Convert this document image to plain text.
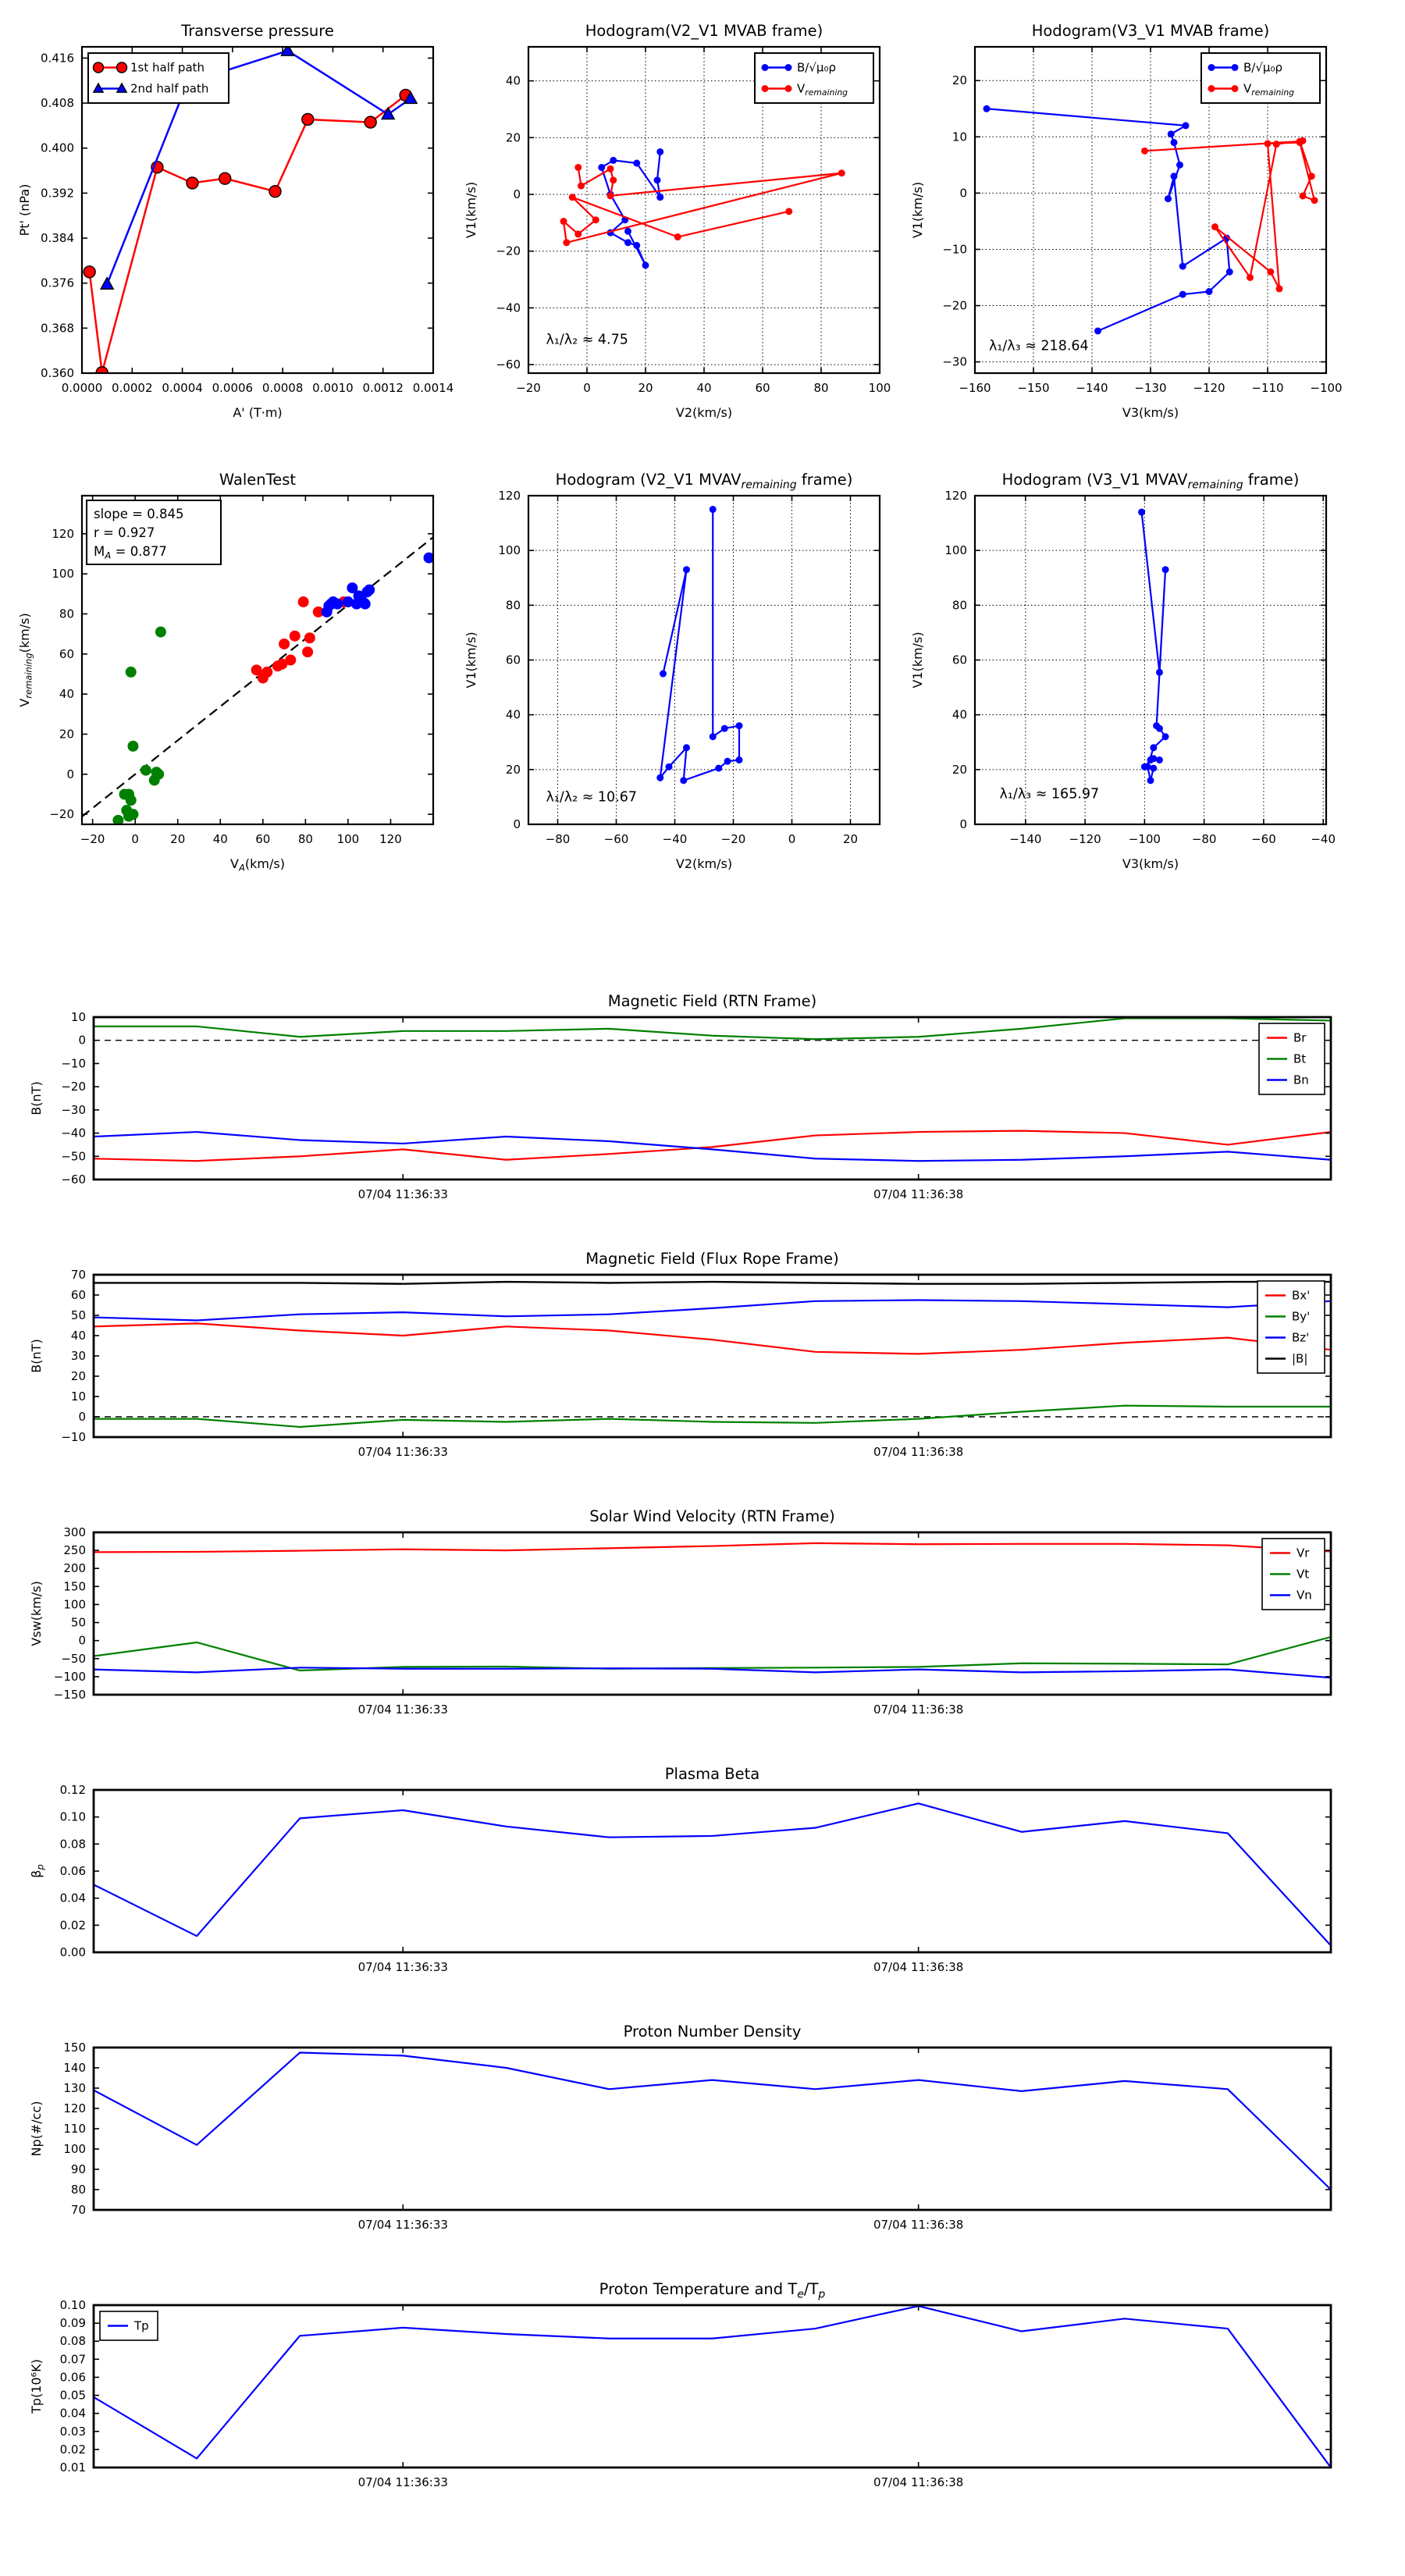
0.0000 0.0002 0.0004 0.0006 0.0008 0.0010 0.0012 0.0014
0.360
0.368
0.376
0.384
0.392
0.400
0.408
0.416
Transverse pressure
A' (T·m)
Pt' (nPa)
1st half path
2nd half path
−20	0	20	40	60	80	100
−60
−40
−20
0
20
40
Hodogram(V2_V1 MVAB frame)
V2(km/s)
V1(km/s)
λ₁/λ₂ ≈ 4.75
B/√μ₀ρ
$V_{remaining}$
−160 −150 −140 −130 −120 −110 −100
−30
−20
−10
0
10
20
Hodogram(V3_V1 MVAB frame)
V3(km/s)
V1(km/s)
λ₁/λ₃ ≈ 218.64
B/√μ₀ρ
$V_{remaining}$
−20 0	20 40 60 80 100 120
−20
0
20
40
60
80
100
120
WalenTest
$V_A(km/s)$
$V_{remaining}(km/s)$
slope = 0.845
r = 0.927
$M_A = 0.877$
−80	−60	−40	−20	0	20
0
20
40
60
80
100
120
Hodogram (V2_V1 $MVAV_{remaining}$ frame)
V2(km/s)
V1(km/s)
λ₁/λ₂ ≈ 10.67
−140 −120 −100	−80	−60	−40
0
20
40
60
80
100
120
Hodogram (V3_V1 $MVAV_{remaining}$ frame)
V3(km/s)
V1(km/s)
λ₁/λ₃ ≈ 165.97
07/04 11:36:33	07/04 11:36:38
−60
−50
−40
−30
−20
−10
0
10
Magnetic Field (RTN Frame)
B(nT)
Br
Bt
Bn
07/04 11:36:33	07/04 11:36:38
−10
0
10
20
30
40
50
60
70
Magnetic Field (Flux Rope Frame)
B(nT)
Bx'
By'
Bz'
|B|
07/04 11:36:33	07/04 11:36:38
−150
−100
−50
0
50
100
150
200
250
300
Solar Wind Velocity (RTN Frame)
Vsw(km/s)
Vr
Vt
Vn
07/04 11:36:33	07/04 11:36:38
0.00
0.02
0.04
0.06
0.08
0.10
0.12
Plasma Beta
$\beta_p$
07/04 11:36:33	07/04 11:36:38
70
80
90
100
110
120
130
140
150
Proton Number Density
Np(#/cc)
07/04 11:36:33	07/04 11:36:38
0.01
0.02
0.03
0.04
0.05
0.06
0.07
0.08
0.09
0.10
Proton Temperature and $T_e/T_p$
Tp(10⁶K)
Tp
